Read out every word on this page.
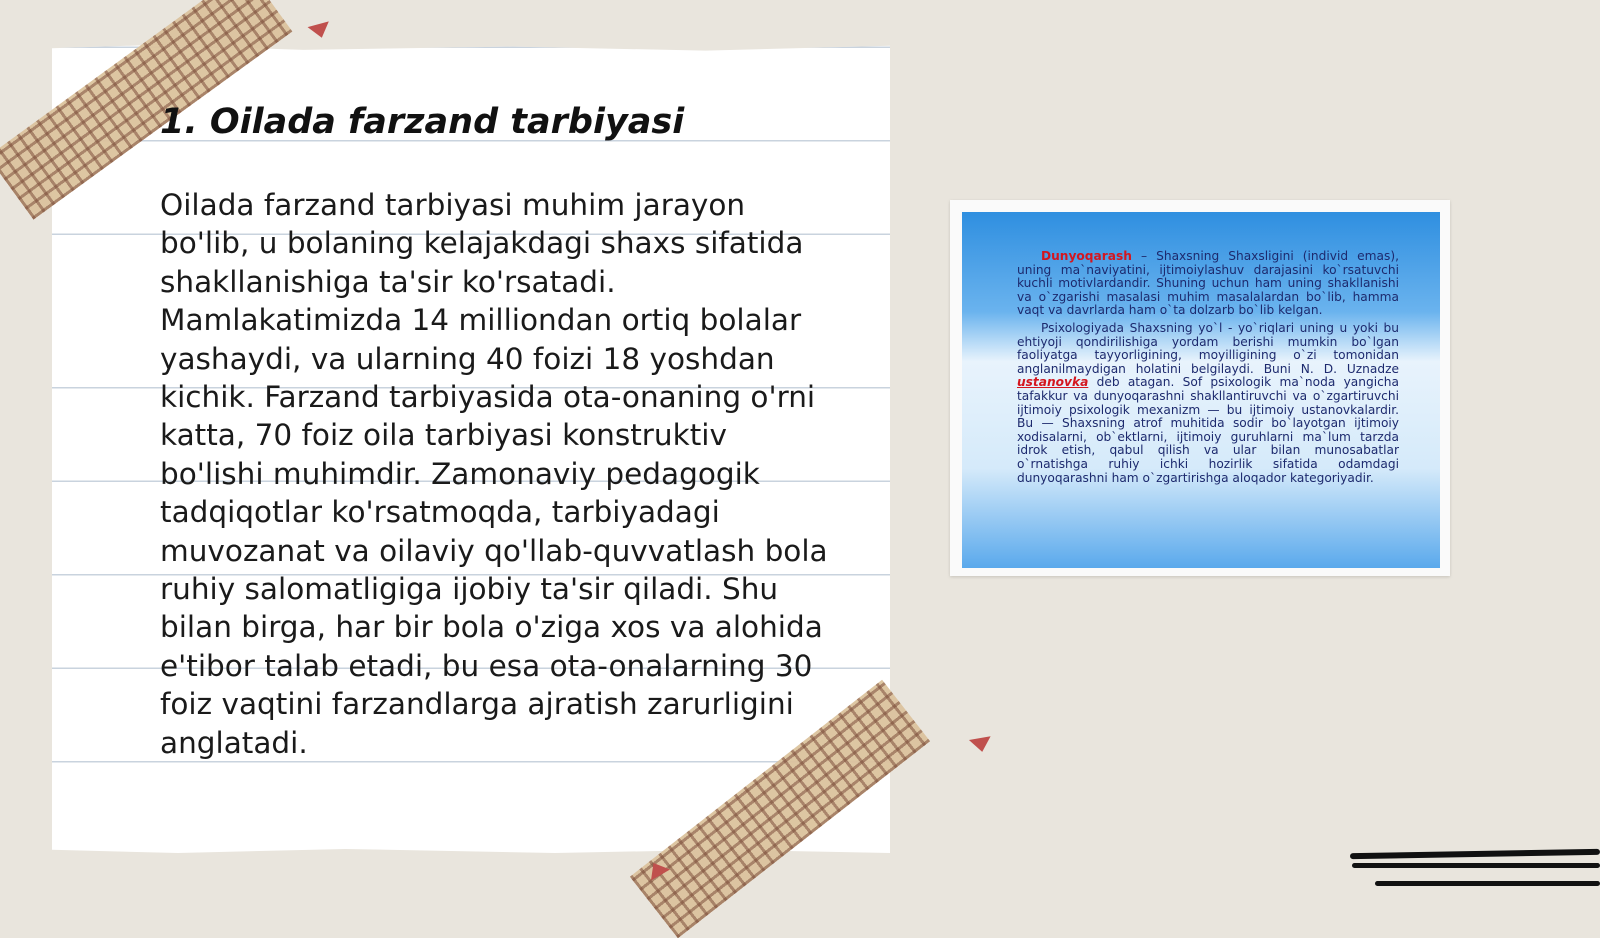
1. Oilada farzand tarbiyasi

Oilada farzand tarbiyasi muhim jarayon bo'lib, u bolaning kelajakdagi shaxs sifatida shakllanishiga ta'sir ko'rsatadi. Mamlakatimizda 14 milliondan ortiq bolalar yashaydi, va ularning 40 foizi 18 yoshdan kichik. Farzand tarbiyasida ota-onaning o'rni katta, 70 foiz oila tarbiyasi konstruktiv bo'lishi muhimdir. Zamonaviy pedagogik tadqiqotlar ko'rsatmoqda, tarbiyadagi muvozanat va oilaviy qo'llab-quvvatlash bola ruhiy salomatligiga ijobiy ta'sir qiladi. Shu bilan birga, har bir bola o'ziga xos va alohida e'tibor talab etadi, bu esa ota-onalarning 30 foiz vaqtini farzandlarga ajratish zarurligini anglatadi.

Dunyoqarash – Shaxsning Shaxsligini (individ emas), uning ma`naviyatini, ijtimoiylashuv darajasini ko`rsatuvchi kuchli motivlardandir. Shuning uchun ham uning shakllanishi va o`zgarishi masalasi muhim masalalardan bo`lib, hamma vaqt va davrlarda ham o`ta dolzarb bo`lib kelgan.

Psixologiyada Shaxsning yo`l - yo`riqlari uning u yoki bu ehtiyoji qondirilishiga yordam berishi mumkin bo`lgan faoliyatga tayyorligining, moyilligining o`zi tomonidan anglanilmaydigan holatini belgilaydi. Buni N. D. Uznadze ustanovka deb atagan. Sof psixologik ma`noda yangicha tafakkur va dunyoqarashni shakllantiruvchi va o`zgartiruvchi ijtimoiy psixologik mexanizm — bu ijtimoiy ustanovkalardir. Bu — Shaxsning atrof muhitida sodir bo`layotgan ijtimoiy xodisalarni, ob`ektlarni, ijtimoiy guruhlarni ma`lum tarzda idrok etish, qabul qilish va ular bilan munosabatlar o`rnatishga ruhiy ichki hozirlik sifatida odamdagi dunyoqarashni ham o`zgartirishga aloqador kategoriyadir.
